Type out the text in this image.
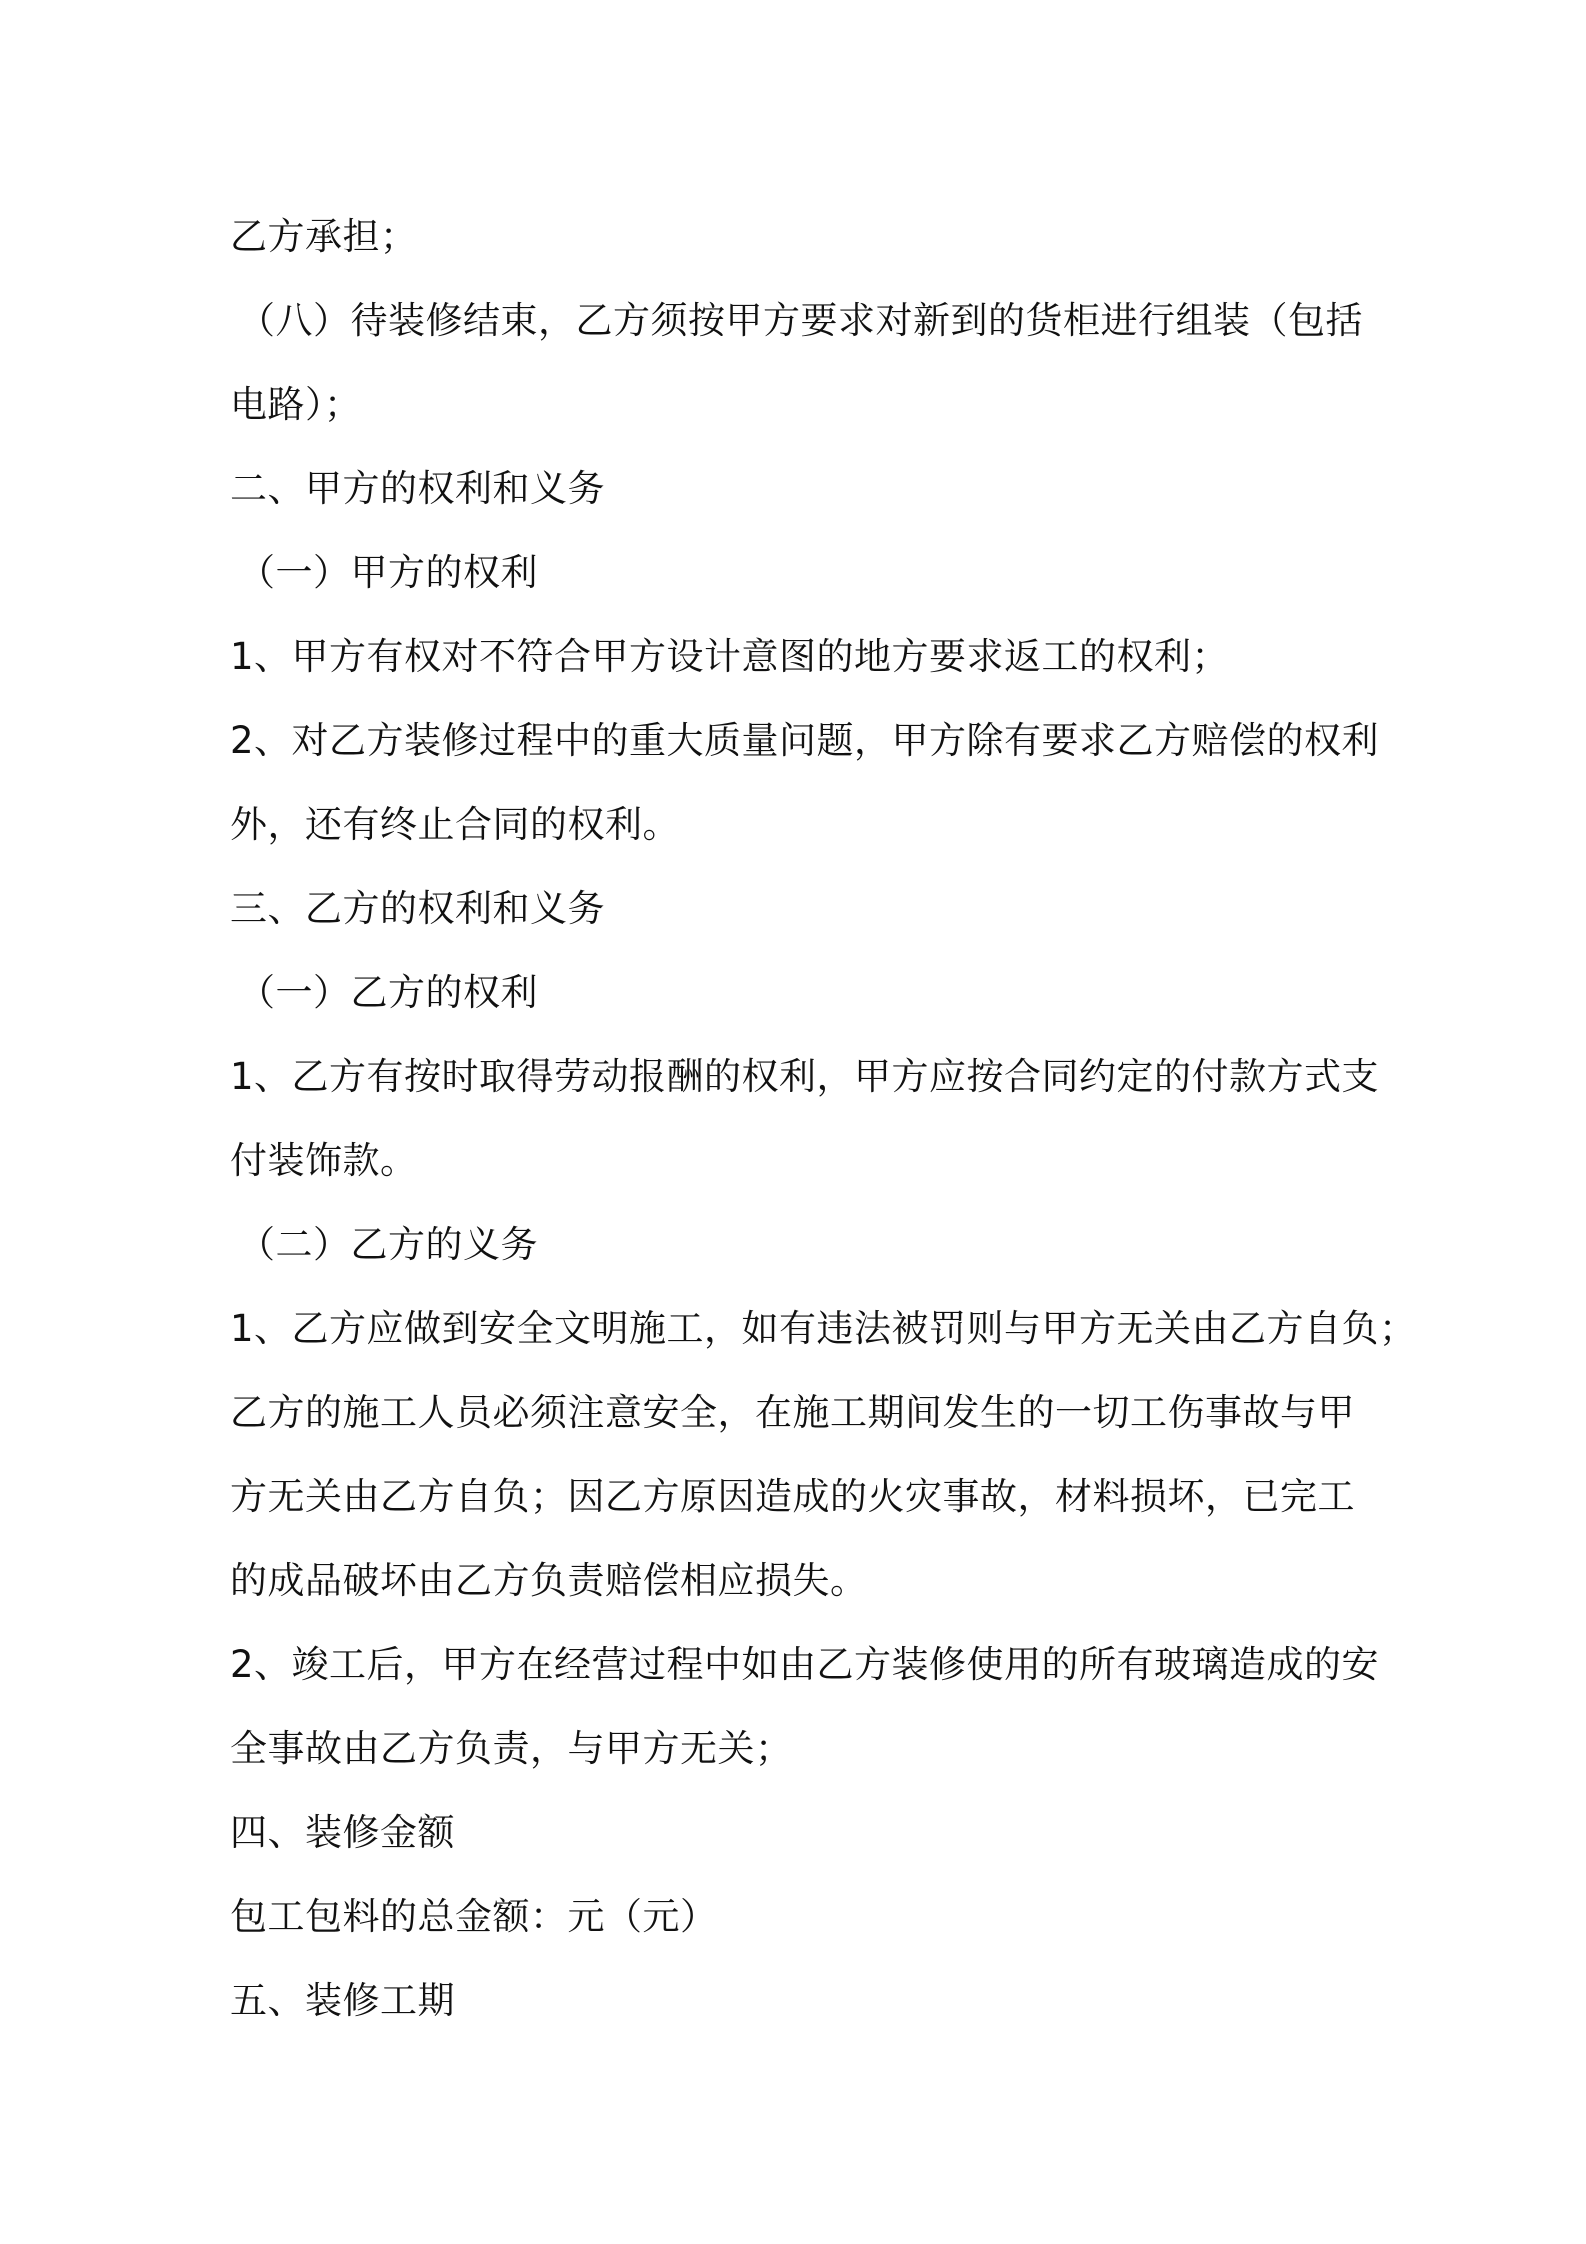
乙方承担；
（八）待装修结束，乙方须按甲方要求对新到的货柜进行组装（包括
电路）；
二、甲方的权利和义务
（一）甲方的权利
1、甲方有权对不符合甲方设计意图的地方要求返工的权利；
2、对乙方装修过程中的重大质量问题，甲方除有要求乙方赔偿的权利
外，还有终止合同的权利。
三、乙方的权利和义务
（一）乙方的权利
1、乙方有按时取得劳动报酬的权利，甲方应按合同约定的付款方式支
付装饰款。
（二）乙方的义务
1、乙方应做到安全文明施工，如有违法被罚则与甲方无关由乙方自负；
乙方的施工人员必须注意安全，在施工期间发生的一切工伤事故与甲
方无关由乙方自负；因乙方原因造成的火灾事故，材料损坏，已完工
的成品破坏由乙方负责赔偿相应损失。
2、竣工后，甲方在经营过程中如由乙方装修使用的所有玻璃造成的安
全事故由乙方负责，与甲方无关；
四、装修金额
包工包料的总金额：元（元）
五、装修工期
